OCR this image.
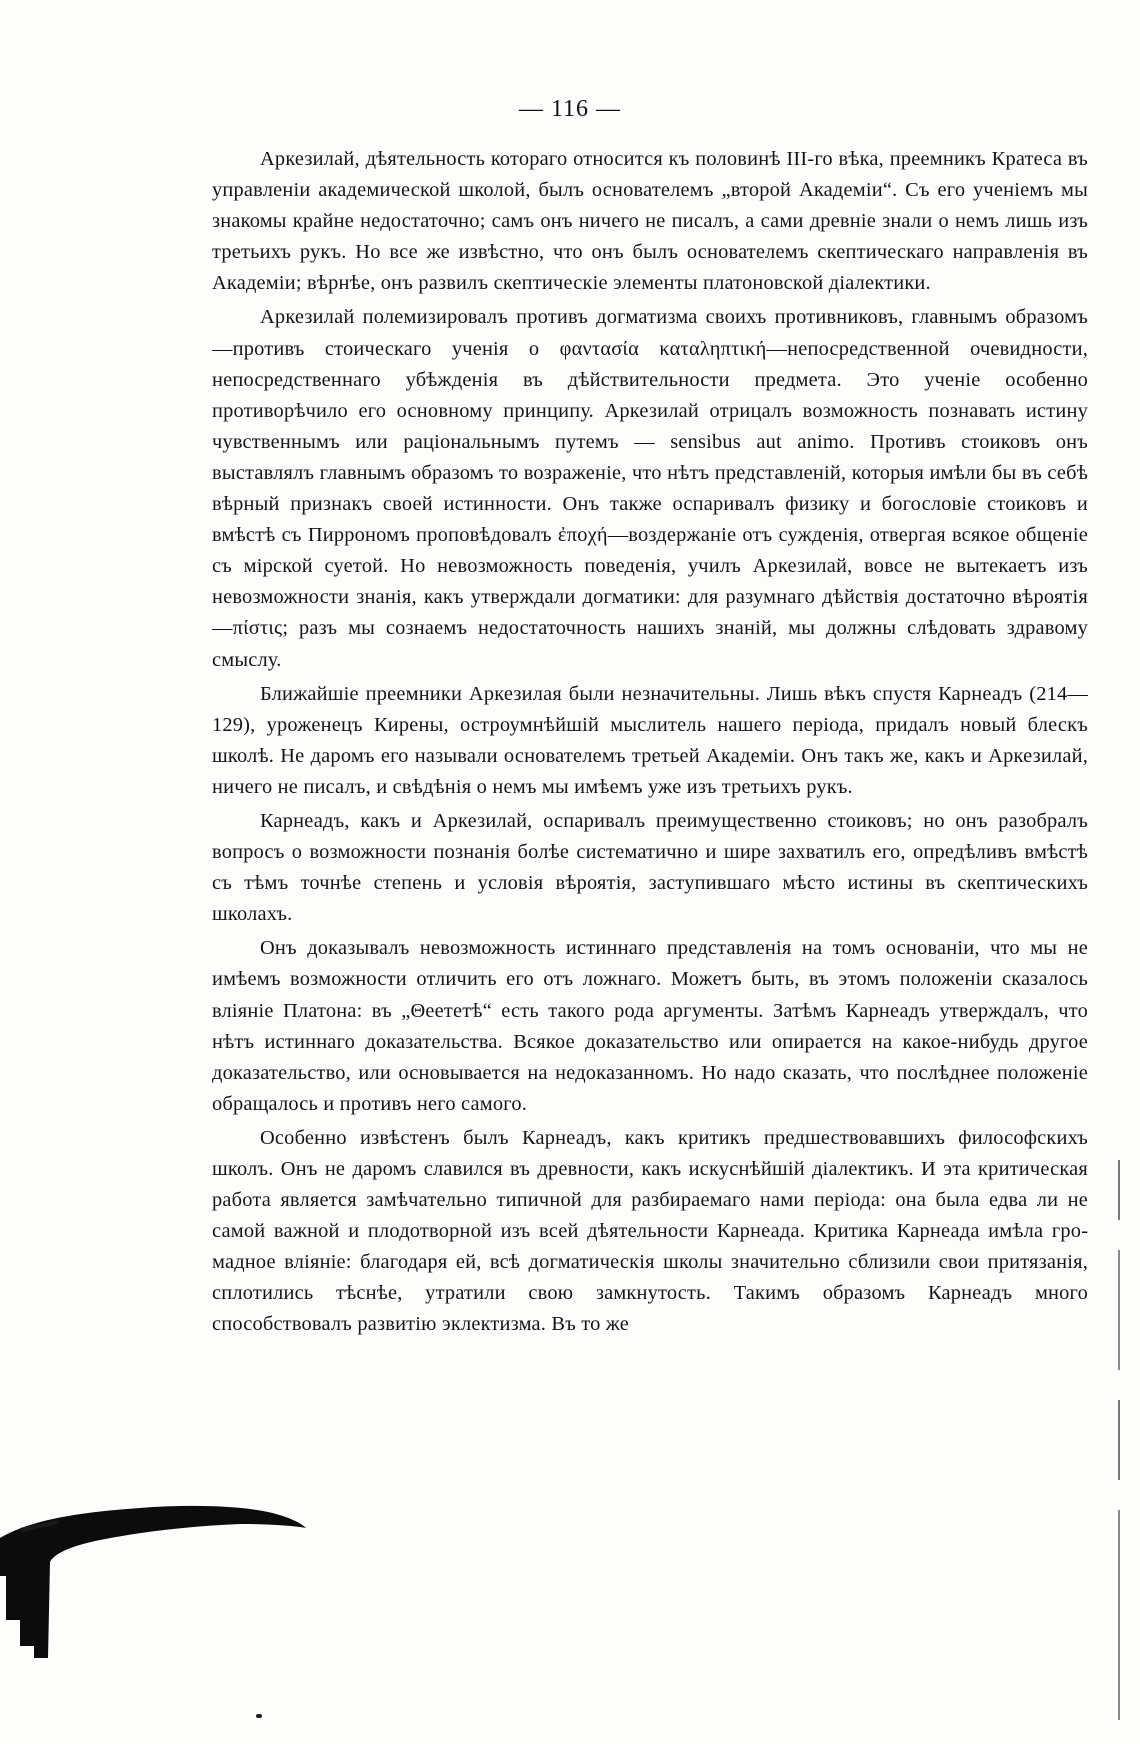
— 116 —

Аркезилай, дѣятельность котораго относится къ половинѣ III-го вѣка, преемникъ Кратеса въ управленіи академической школой, былъ основателемъ „второй Академіи“. Съ его ученіемъ мы знакомы крайне недостаточно; самъ онъ ничего не писалъ, а сами древніе знали о немъ лишь изъ третьихъ рукъ. Но все же извѣстно, что онъ былъ основателемъ скептическаго направленія въ Академіи; вѣрнѣе, онъ развилъ скептическіе элементы платоновской діалектики.

Аркезилай полемизировалъ противъ догматизма своихъ противниковъ, главнымъ образомъ—противъ стоическаго ученія о φαντασία καταληπτική—непосредственной очевидности, непосредственнаго убѣжденія въ дѣйствительности предмета. Это ученіе особенно противорѣчило его основному принципу. Аркезилай отрицалъ возможность познавать истину чувственнымъ или раціональнымъ путемъ — sensibus aut animo. Противъ стоиковъ онъ выставлялъ главнымъ образомъ то возраженіе, что нѣтъ представленій, которыя имѣли бы въ себѣ вѣрный признакъ своей истинности. Онъ также оспаривалъ физику и богословіе стоиковъ и вмѣстѣ съ Пиррономъ проповѣдовалъ ἐποχή—воздержаніе отъ сужденія, отвергая всякое общеніе съ мірской суетой. Но невозможность поведенія, училъ Аркезилай, вовсе не вытекаетъ изъ невозможности знанія, какъ утверждали догматики: для разумнаго дѣйствія достаточно вѣроятія—πίστις; разъ мы сознаемъ недостаточность нашихъ знаній, мы должны слѣдовать здравому смыслу.

Ближайшіе преемники Аркезилая были незначительны. Лишь вѣкъ спустя Карнеадъ (214—129), уроженецъ Кирены, остроумнѣйшій мыслитель нашего періода, придалъ новый блескъ школѣ. Не даромъ его называли основателемъ третьей Академіи. Онъ такъ же, какъ и Аркезилай, ничего не писалъ, и свѣдѣнія о немъ мы имѣемъ уже изъ третьихъ рукъ.

Карнеадъ, какъ и Аркезилай, оспаривалъ преимущественно стоиковъ; но онъ разобралъ вопросъ о возможности познанія болѣе систематично и шире захватилъ его, опредѣливъ вмѣстѣ съ тѣмъ точнѣе степень и условія вѣроятія, заступившаго мѣсто истины въ скептическихъ школахъ.

Онъ доказывалъ невозможность истиннаго представленія на томъ основаніи, что мы не имѣемъ возможности отличить его отъ ложнаго. Можетъ быть, въ этомъ положеніи сказалось вліяніе Платона: въ „Θеететѣ“ есть такого рода аргументы. Затѣмъ Карнеадъ утверждалъ, что нѣтъ истиннаго доказательства. Всякое доказательство или опирается на какое-нибудь другое доказательство, или основывается на недоказанномъ. Но надо сказать, что послѣднее положеніе обращалось и противъ него самого.

Особенно извѣстенъ былъ Карнеадъ, какъ критикъ предшествовавшихъ философскихъ школъ. Онъ не даромъ славился въ древности, какъ искуснѣйшій діалектикъ. И эта критическая работа является замѣчательно типичной для разбираемаго нами періода: она была едва ли не самой важной и плодотворной изъ всей дѣятельности Карнеада. Критика Карнеада имѣла громадное вліяніе: благодаря ей, всѣ догматическія школы значительно сблизили свои притязанія, сплотились тѣснѣе, утратили свою замкнутость. Такимъ образомъ Карнеадъ много способствовалъ развитію эклектизма. Въ то же
